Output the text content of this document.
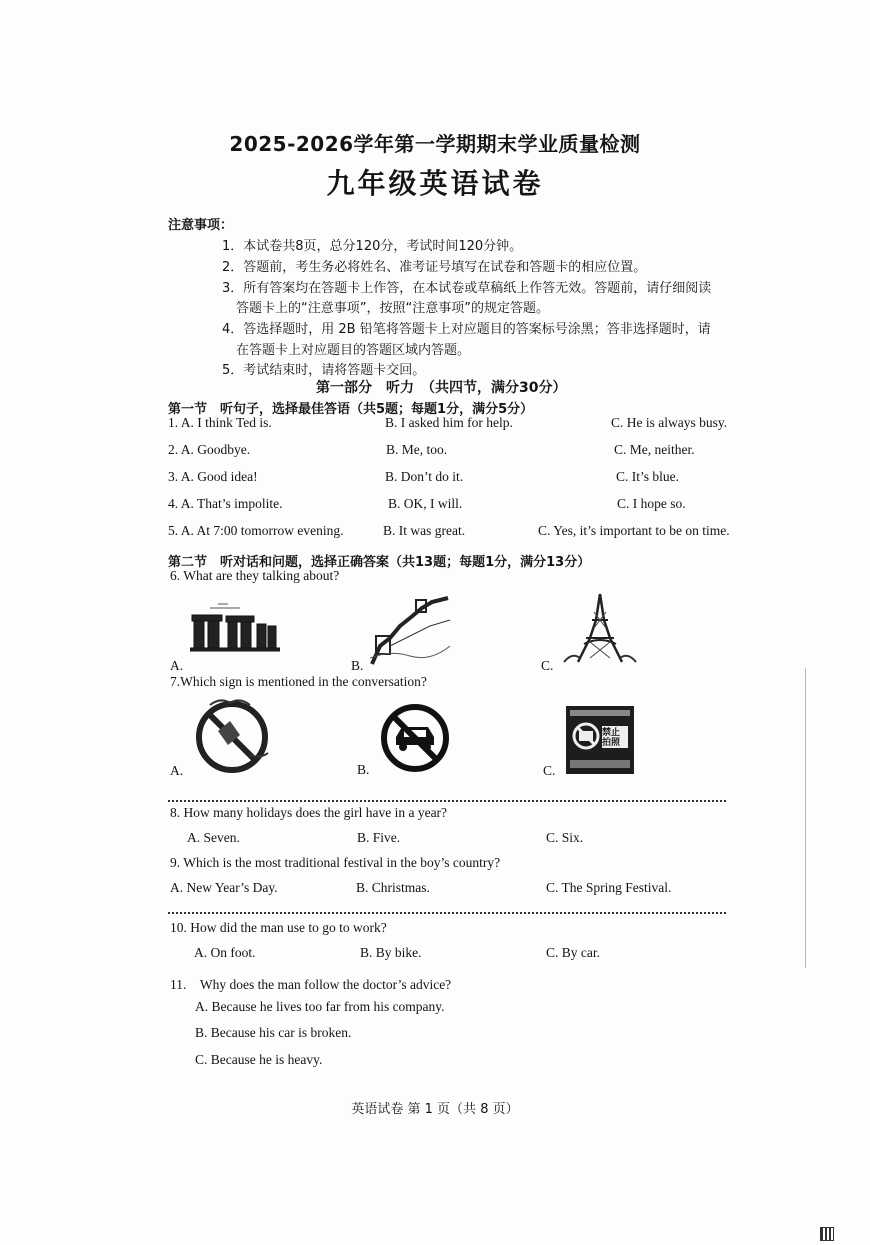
2025-2026学年第一学期期末学业质量检测
九年级英语试卷
注意事项：
1．本试卷共8页，总分120分，考试时间120分钟。
2．答题前，考生务必将姓名、准考证号填写在试卷和答题卡的相应位置。
3．所有答案均在答题卡上作答，在本试卷或草稿纸上作答无效。答题前，请仔细阅读
答题卡上的“注意事项”，按照“注意事项”的规定答题。
4．答选择题时，用 2B 铅笔将答题卡上对应题目的答案标号涂黑；答非选择题时，请
在答题卡上对应题目的答题区域内答题。
5．考试结束时，请将答题卡交回。
第一部分　听力　（共四节，满分30分）
第一节　听句子，选择最佳答语（共5题；每题1分，满分5分）
1. A. I think Ted is.	B. I asked him for help.	C. He is always busy.
2. A. Goodbye.	B. Me, too.	C. Me, neither.
3. A. Good idea!	B. Don’t do it.	C. It’s blue.
4. A. That’s impolite.	B. OK, I will.	C. I hope so.
5. A. At 7:00 tomorrow evening.	B. It was great.	C. Yes, it’s important to be on time.
第二节　听对话和问题，选择正确答案（共13题；每题1分，满分13分）
6. What are they talking about?
A.	B.	C.
7.Which sign is mentioned in the conversation?
禁止拍照
A.	B.	C.
8. How many holidays does the girl have in a year?
A. Seven.	B. Five.	C. Six.
9. Which is the most traditional festival in the boy’s country?
A. New Year’s Day.	B. Christmas.	C. The Spring Festival.
10. How did the man use to go to work?
A. On foot.	B. By bike.	C. By car.
11.　Why does the man follow the doctor’s advice?
A. Because he lives too far from his company.
B. Because his car is broken.
C. Because he is heavy.
英语试卷 第 1 页（共 8 页）
